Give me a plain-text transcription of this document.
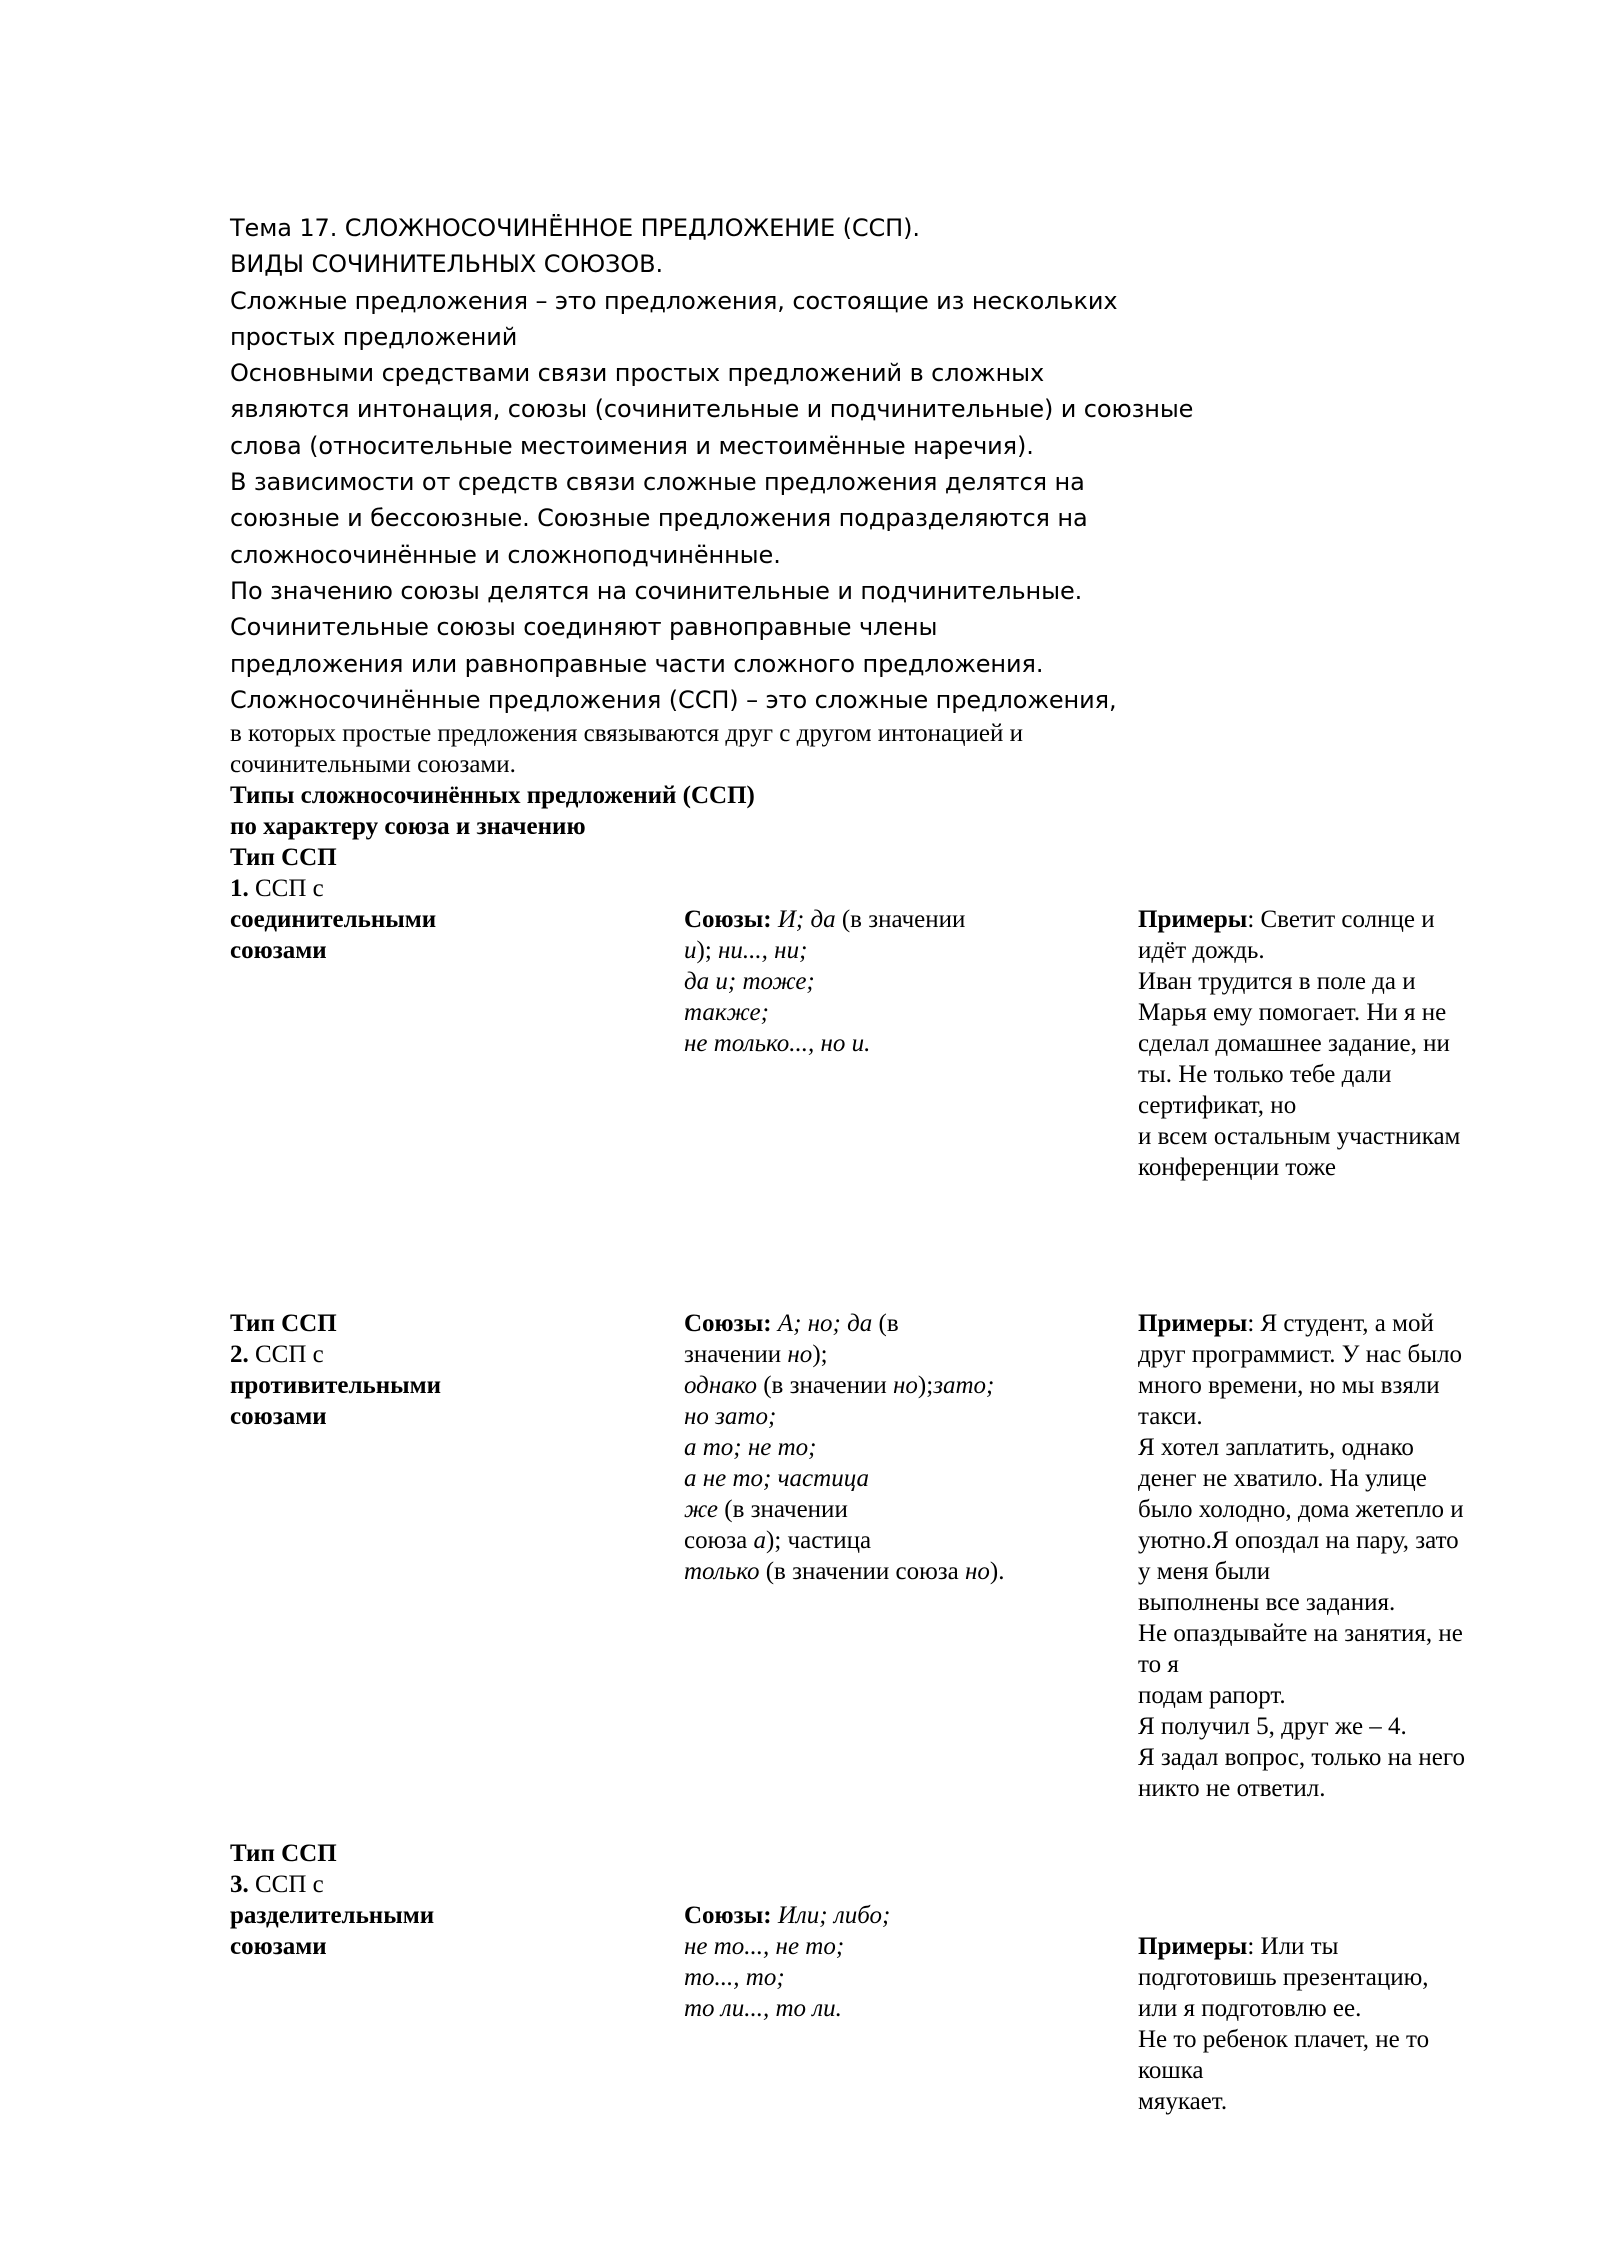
Тема 17. СЛОЖНОСОЧИНЁННОЕ ПРЕДЛОЖЕНИЕ (ССП).
ВИДЫ СОЧИНИТЕЛЬНЫХ СОЮЗОВ.
Сложные предложения – это предложения, состоящие из нескольких
простых предложений
Основными средствами связи простых предложений в сложных
являются интонация, союзы (сочинительные и подчинительные) и союзные
слова (относительные местоимения и местоимённые наречия).
В зависимости от средств связи сложные предложения делятся на
союзные и бессоюзные. Союзные предложения подразделяются на
сложносочинённые и сложноподчинённые.
По значению союзы делятся на сочинительные и подчинительные.
Сочинительные союзы соединяют равноправные члены
предложения или равноправные части сложного предложения.
Сложносочинённые предложения (ССП) – это сложные предложения,
в которых простые предложения связываются друг с другом интонацией и
сочинительными союзами.
Типы сложносочинённых предложений (ССП)
по характеру союза и значению
Тип ССП
1. ССП с
соединительными
союзами
Союзы: И; да (в значении
и); ни..., ни;
да и; тоже;
также;
не только..., но и.
Примеры: Светит солнце и
идёт дождь.
Иван трудится в поле да и
Марья ему помогает. Ни я не
сделал домашнее задание, ни
ты. Не только тебе дали
сертификат, но
и всем остальным участникам
конференции тоже
Тип ССП
2. ССП с
противительными
союзами
Союзы: А; но; да (в
значении но);
однако (в значении но);зато;
но зато;
а то; не то;
а не то; частица
же (в значении
союза а); частица
только (в значении союза но).
Примеры: Я студент, а мой
друг программист. У нас было
много времени, но мы взяли
такси.
Я хотел заплатить, однако
денег не хватило. На улице
было холодно, дома жетепло и
уютно.Я опоздал на пару, зато
у меня были
выполнены все задания.
Не опаздывайте на занятия, не
то я
подам рапорт.
Я получил 5, друг же – 4.
Я задал вопрос, только на него
никто не ответил.
Тип ССП
3. ССП с
разделительными
союзами
Союзы: Или; либо;
не то..., не то;
то..., то;
то ли..., то ли.
Примеры: Или ты
подготовишь презентацию,
или я подготовлю ее.
Не то ребенок плачет, не то
кошка
мяукает.
